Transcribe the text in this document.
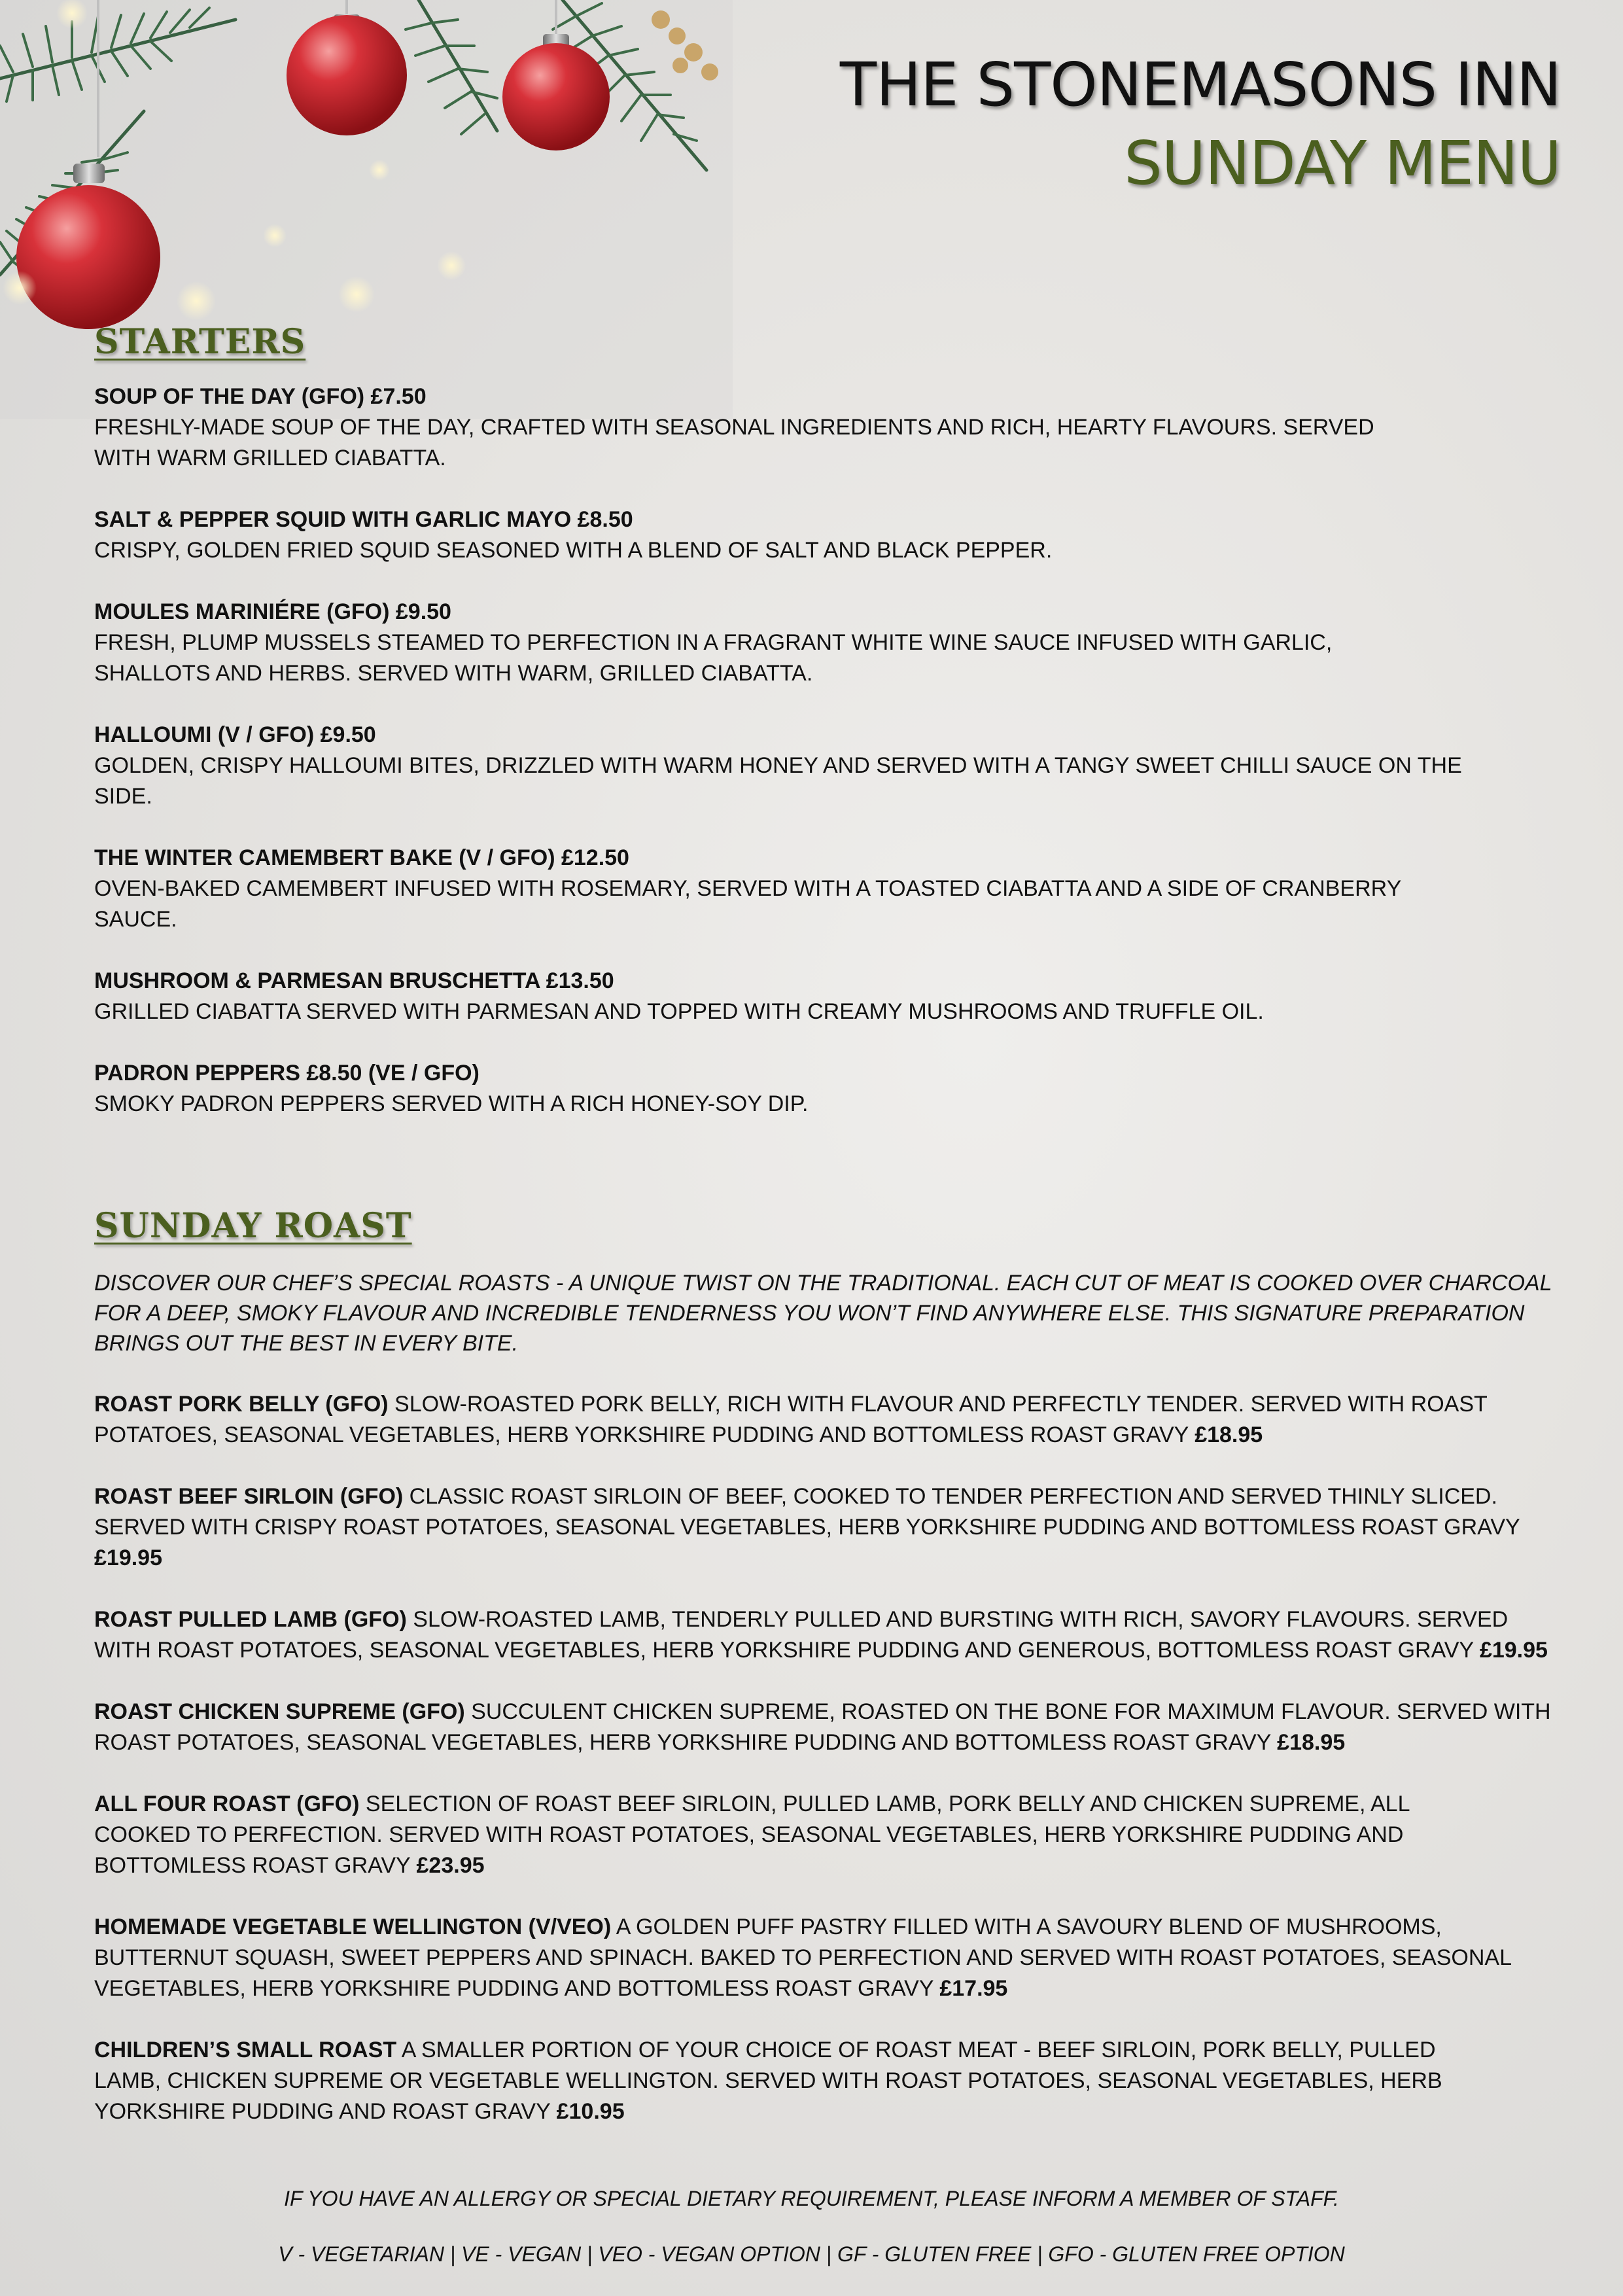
THE STONEMASONS INN
SUNDAY MENU
STARTERS
SOUP OF THE DAY (GFO) £7.50
FRESHLY-MADE SOUP OF THE DAY, CRAFTED WITH SEASONAL INGREDIENTS AND RICH, HEARTY FLAVOURS. SERVED WITH WARM GRILLED CIABATTA.
SALT & PEPPER SQUID WITH GARLIC MAYO £8.50
CRISPY, GOLDEN FRIED SQUID SEASONED WITH A BLEND OF SALT AND BLACK PEPPER.
MOULES MARINIÉRE (GFO) £9.50
FRESH, PLUMP MUSSELS STEAMED TO PERFECTION IN A FRAGRANT WHITE WINE SAUCE INFUSED WITH GARLIC, SHALLOTS AND HERBS. SERVED WITH WARM, GRILLED CIABATTA.
HALLOUMI (V / GFO) £9.50
GOLDEN, CRISPY HALLOUMI BITES, DRIZZLED WITH WARM HONEY AND SERVED WITH A TANGY SWEET CHILLI SAUCE ON THE SIDE.
THE WINTER CAMEMBERT BAKE (V / GFO) £12.50
OVEN-BAKED CAMEMBERT INFUSED WITH ROSEMARY, SERVED WITH A TOASTED CIABATTA AND A SIDE OF CRANBERRY SAUCE.
MUSHROOM & PARMESAN BRUSCHETTA £13.50
GRILLED CIABATTA SERVED WITH PARMESAN AND TOPPED WITH CREAMY MUSHROOMS AND TRUFFLE OIL.
PADRON PEPPERS £8.50 (VE / GFO)
SMOKY PADRON PEPPERS SERVED WITH A RICH HONEY-SOY DIP.
SUNDAY ROAST
DISCOVER OUR CHEF’S SPECIAL ROASTS - A UNIQUE TWIST ON THE TRADITIONAL. EACH CUT OF MEAT IS COOKED OVER CHARCOAL FOR A DEEP, SMOKY FLAVOUR AND INCREDIBLE TENDERNESS YOU WON’T FIND ANYWHERE ELSE. THIS SIGNATURE PREPARATION BRINGS OUT THE BEST IN EVERY BITE.
ROAST PORK BELLY (GFO) SLOW-ROASTED PORK BELLY, RICH WITH FLAVOUR AND PERFECTLY TENDER. SERVED WITH ROAST POTATOES, SEASONAL VEGETABLES, HERB YORKSHIRE PUDDING AND BOTTOMLESS ROAST GRAVY £18.95
ROAST BEEF SIRLOIN (GFO) CLASSIC ROAST SIRLOIN OF BEEF, COOKED TO TENDER PERFECTION AND SERVED THINLY SLICED. SERVED WITH CRISPY ROAST POTATOES, SEASONAL VEGETABLES, HERB YORKSHIRE PUDDING AND BOTTOMLESS ROAST GRAVY £19.95
ROAST PULLED LAMB (GFO) SLOW-ROASTED LAMB, TENDERLY PULLED AND BURSTING WITH RICH, SAVORY FLAVOURS. SERVED WITH ROAST POTATOES, SEASONAL VEGETABLES, HERB YORKSHIRE PUDDING AND GENEROUS, BOTTOMLESS ROAST GRAVY £19.95
ROAST CHICKEN SUPREME (GFO) SUCCULENT CHICKEN SUPREME, ROASTED ON THE BONE FOR MAXIMUM FLAVOUR. SERVED WITH ROAST POTATOES, SEASONAL VEGETABLES, HERB YORKSHIRE PUDDING AND BOTTOMLESS ROAST GRAVY £18.95
ALL FOUR ROAST (GFO) SELECTION OF ROAST BEEF SIRLOIN, PULLED LAMB, PORK BELLY AND CHICKEN SUPREME, ALL COOKED TO PERFECTION. SERVED WITH ROAST POTATOES, SEASONAL VEGETABLES, HERB YORKSHIRE PUDDING AND BOTTOMLESS ROAST GRAVY £23.95
HOMEMADE VEGETABLE WELLINGTON (V/VEO) A GOLDEN PUFF PASTRY FILLED WITH A SAVOURY BLEND OF MUSHROOMS, BUTTERNUT SQUASH, SWEET PEPPERS AND SPINACH. BAKED TO PERFECTION AND SERVED WITH ROAST POTATOES, SEASONAL VEGETABLES, HERB YORKSHIRE PUDDING AND BOTTOMLESS ROAST GRAVY £17.95
CHILDREN’S SMALL ROAST A SMALLER PORTION OF YOUR CHOICE OF ROAST MEAT - BEEF SIRLOIN, PORK BELLY, PULLED LAMB, CHICKEN SUPREME OR VEGETABLE WELLINGTON. SERVED WITH ROAST POTATOES, SEASONAL VEGETABLES, HERB YORKSHIRE PUDDING AND ROAST GRAVY £10.95
IF YOU HAVE AN ALLERGY OR SPECIAL DIETARY REQUIREMENT, PLEASE INFORM A MEMBER OF STAFF.
V - VEGETARIAN | VE - VEGAN | VEO - VEGAN OPTION | GF - GLUTEN FREE | GFO - GLUTEN FREE OPTION
